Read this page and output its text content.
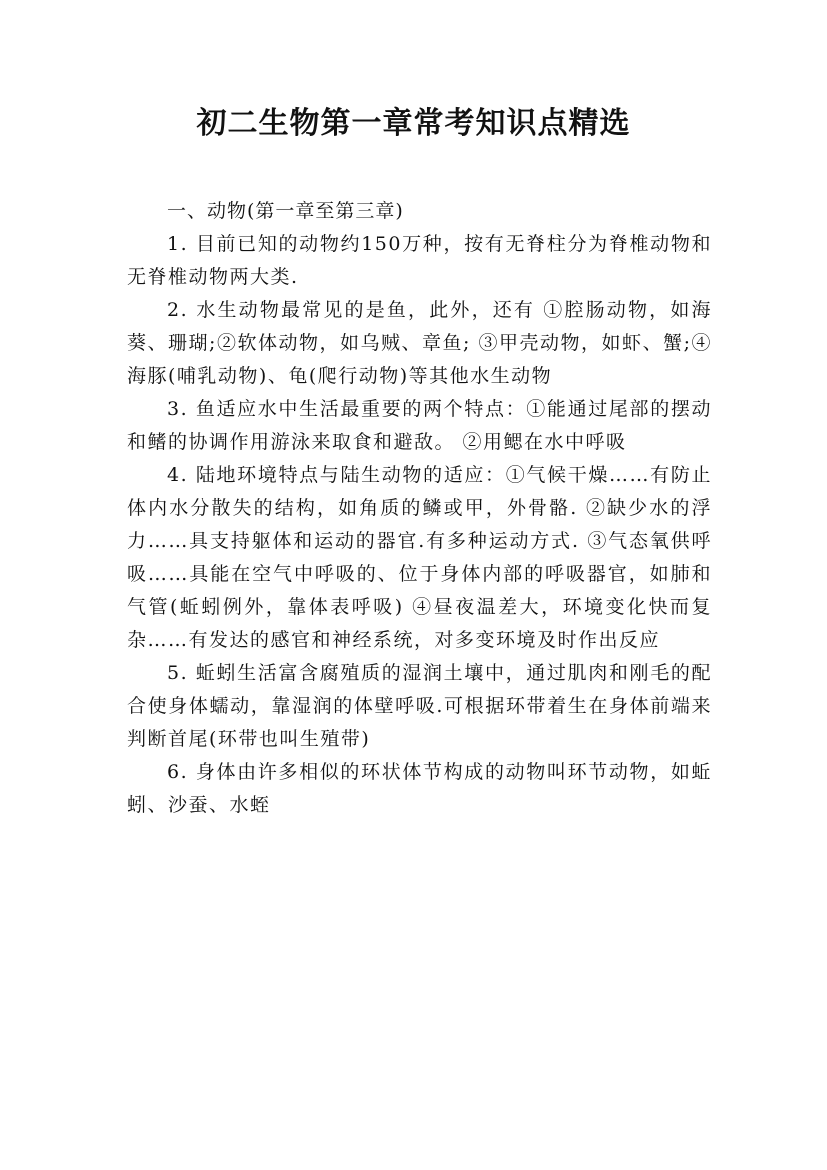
初二生物第一章常考知识点精选

一、动物(第一章至第三章)

1. 目前已知的动物约150万种，按有无脊柱分为脊椎动物和无脊椎动物两大类.

2. 水生动物最常见的是鱼，此外，还有 ①腔肠动物，如海葵、珊瑚;②软体动物，如乌贼、章鱼; ③甲壳动物，如虾、蟹;④海豚(哺乳动物)、龟(爬行动物)等其他水生动物

3. 鱼适应水中生活最重要的两个特点：①能通过尾部的摆动和鳍的协调作用游泳来取食和避敌。 ②用鳃在水中呼吸

4. 陆地环境特点与陆生动物的适应：①气候干燥……有防止体内水分散失的结构，如角质的鳞或甲，外骨骼. ②缺少水的浮力……具支持躯体和运动的器官.有多种运动方式. ③气态氧供呼吸……具能在空气中呼吸的、位于身体内部的呼吸器官，如肺和气管(蚯蚓例外，靠体表呼吸) ④昼夜温差大，环境变化快而复杂……有发达的感官和神经系统，对多变环境及时作出反应

5. 蚯蚓生活富含腐殖质的湿润土壤中，通过肌肉和刚毛的配合使身体蠕动，靠湿润的体壁呼吸.可根据环带着生在身体前端来判断首尾(环带也叫生殖带)

6. 身体由许多相似的环状体节构成的动物叫环节动物，如蚯蚓、沙蚕、水蛭
